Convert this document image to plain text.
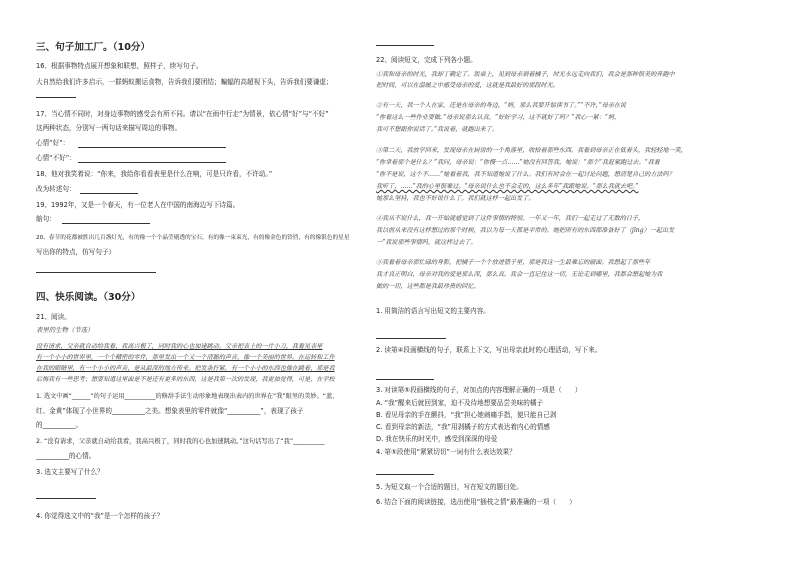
三、句子加工厂。（10分）
16、根据事物特点展开想象和联想，照样子，续写句子。
大自然给我们许多启示，一群蚂蚁搬运食物，告诉我们要团结；蝙蝠的高超视下头，告诉我们要谦虚；
17、当心情不同时，对身边事物的感受会有所不同。请以“在雨中行走”为情景，依心情“好”与“不好”
这两种状态，分别写一两句话来描写周边的事物。
心情“好”：
心情“不好”：
18、他对我笑着说：“你来，我给你看看表里是什么在响，可是只许看，不许动。”
改为转述句：
19、1992年，又是一个春天，有一位老人在中国的南海边写下诗篇。
缩句：
20、春节的花都被胜出几百盏灯光，有的像一个个晶莹剔透的宝石，有的像一束束光，有的像金色的铃铛，有的像银色的星星
写出你的特点，仿写句子）
四、快乐阅读。（30分）
21、阅读。
表里的生物（节选）
没有请求，父亲就自动给我看，我高兴极了，同时我的心也加速跳动。父亲把表上的一片小刀，我看见表里
有一个小小的世界里，一个个精密的零件，那里发出一个又一个清脆的声音，像一个美丽的世界。在运转和工作
在我的眼睛里，有一个小小的声音，是从最深的地方传来。把发条拧紧，有一个小小的东西也像在跳着，那是我
后悔我有一些思考；想要知道这里面是不是还有更多的东西，这是我第一次的发现，我更加觉得，可是，在学校
1. 选文中画“______”的句子运用__________的修辞手法生动形象地表现出表内的世界在“我”眼里的美妙。“蓝、
红、金黄”体现了小世界的__________之美。想象表里的零件就像“__________”，表现了孩子
的__________。
2. “没有请求，父亲就自动给我看，我高兴极了，同时我的心也加速跳动。”这句话写出了“我”__________
__________的心情。
3. 选文主要写了什么？
4. 你觉得选文中的“我”是一个怎样的孩子？
22、阅读短文，完成下列各小题。
①我和母亲的时光，我却丁确定了。饭桌上，见到母亲剥着橘子，时光永远走向我们，我会是那种很美的奔跑中
把时间，可以在温暖之中感受母亲的爱，这就是我最好的那段时光。
②有一天，我一个人在家，还是在母亲的身边，“妈，那么我要开始读书了。”“不许，”母亲在说
“你看这么一些作业要做。”母亲说那么认真，“好好学习，这不就好了吗？”我心一紧：“妈，
我可不想跟你说话了。”我说着，就跑出来了。
③第二天，我放学回来，发现母亲在厨房的一个角落里，收拾着那些东西。我看到母亲正在低着头，我轻轻地一笑，
“你拿着那个是什么？”我问，母亲说：“你慢一点……”她没有回答我，她说：“那个”我赶紧跑过去。“我看
“你不是说，这个不……”她看着我，我不知道她说了什么。我们有时会在一起讨论问题，想清楚自己的方法吗？
我听了，……”我的心里很难过。“母亲说什么也不会走的，这么多年”我跟她说。“那么我就去吧。”
她那么坚持，我也不好说什么了。我们就这样一起出发了。
④我从不说什么，我一开始就感觉到了这件事情的特别。一年又一年，我们一起走过了无数的日子，
我以前从来没有这样想过的那个时候，我以为每一天都是平常的。她把所有的东西都准备好了（jīng）一起出发
一”我说那些事情吗，就这样过去了。
⑤我看着母亲那忙碌的身影，把橘子一个个放进篮子里，那是我这一生最难忘的画面。我想起了那些年
我才真正明白，母亲对我的爱是那么深，那么真。我会一直记住这一切，无论走到哪里，我都会想起她为我
做的一切，这些都是我最珍贵的回忆。
1. 用简洁的语言写出短文的主要内容。
2. 读第④段画横线的句子，联系上下文，写出母亲此时的心理活动，写下来。
3. 对读第⑤段画横线的句子，对加点的内容理解正确的一项是（　　）
A. “我”醒来后就回到家，迫不及待地想要品尝美味的橘子
B. 看见母亲的手在颤抖，“我”担心她刺痛手指，便只能自己剥
C. 看到母亲的新法，“我”用剥橘子的方式表达着内心的情感
D. 我在快乐的时光中，感受到深深的母爱
4. 第⑤段使用“紧紧切切”一词有什么表达效果？
5. 为短文取一个合适的题目，写在短文的题目处。
6. 结合下面的阅读链接，选出使用“插枝之情”最准确的一项（　　）
